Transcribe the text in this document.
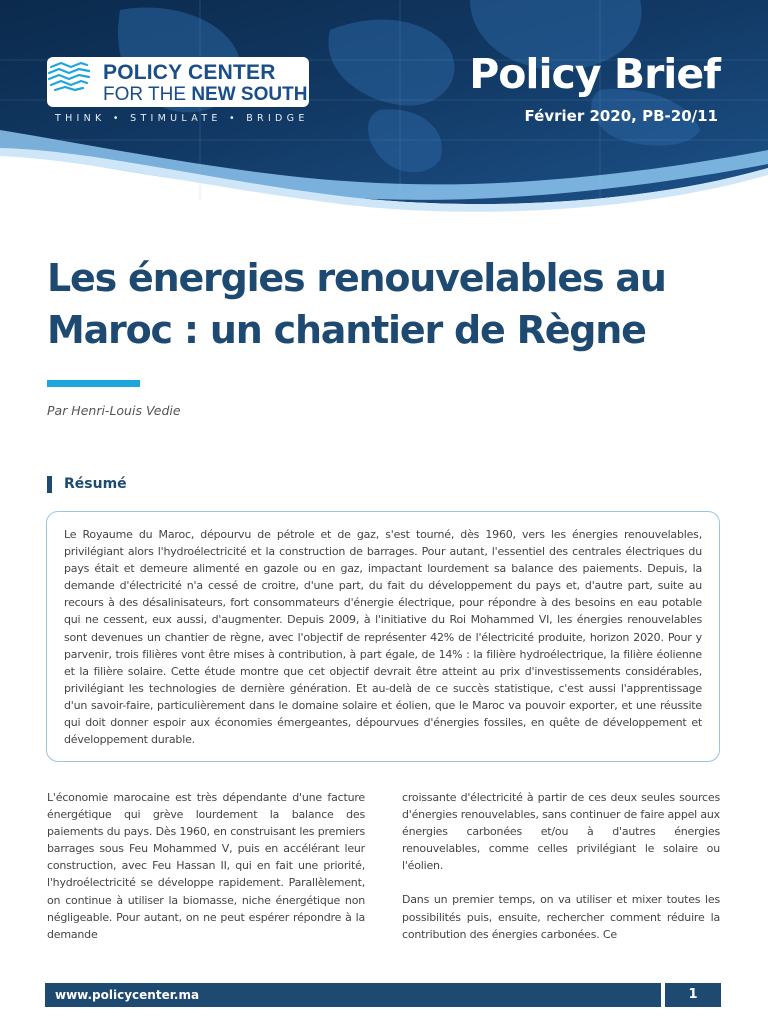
POLICY CENTER
FOR THE NEW SOUTH
THINK • STIMULATE • BRIDGE
Policy Brief
Février 2020, PB-20/11
Les énergies renouvelables au Maroc : un chantier de Règne
Par Henri-Louis Vedie
Résumé

Le Royaume du Maroc, dépourvu de pétrole et de gaz, s'est tourné, dès 1960, vers les énergies renouvelables, privilégiant alors l'hydroélectricité et la construction de barrages. Pour autant, l'essentiel des centrales électriques du pays était et demeure alimenté en gazole ou en gaz, impactant lourdement sa balance des paiements. Depuis, la demande d'électricité n'a cessé de croitre, d'une part, du fait du développement du pays et, d'autre part, suite au recours à des désalinisateurs, fort consommateurs d'énergie électrique, pour répondre à des besoins en eau potable qui ne cessent, eux aussi, d'augmenter. Depuis 2009, à l'initiative du Roi Mohammed VI, les énergies renouvelables sont devenues un chantier de règne, avec l'objectif de représenter 42% de l'électricité produite, horizon 2020. Pour y parvenir, trois filières vont être mises à contribution, à part égale, de 14% : la filière hydroélectrique, la filière éolienne et la filière solaire. Cette étude montre que cet objectif devrait être atteint au prix d'investissements considérables, privilégiant les technologies de dernière génération. Et au-delà de ce succès statistique, c'est aussi l'apprentissage d'un savoir-faire, particulièrement dans le domaine solaire et éolien, que le Maroc va pouvoir exporter, et une réussite qui doit donner espoir aux économies émergeantes, dépourvues d'énergies fossiles, en quête de développement et développement durable.

L'économie marocaine est très dépendante d'une facture énergétique qui grève lourdement la balance des paiements du pays. Dès 1960, en construisant les premiers barrages sous Feu Mohammed V, puis en accélérant leur construction, avec Feu Hassan II, qui en fait une priorité, l'hydroélectricité se développe rapidement. Parallèlement, on continue à utiliser la biomasse, niche énergétique non négligeable. Pour autant, on ne peut espérer répondre à la demande

croissante d'électricité à partir de ces deux seules sources d'énergies renouvelables, sans continuer de faire appel aux énergies carbonées et/ou à d'autres énergies renouvelables, comme celles privilégiant le solaire ou l'éolien.

Dans un premier temps, on va utiliser et mixer toutes les possibilités puis, ensuite, rechercher comment réduire la contribution des énergies carbonées. Ce

www.policycenter.ma	1
